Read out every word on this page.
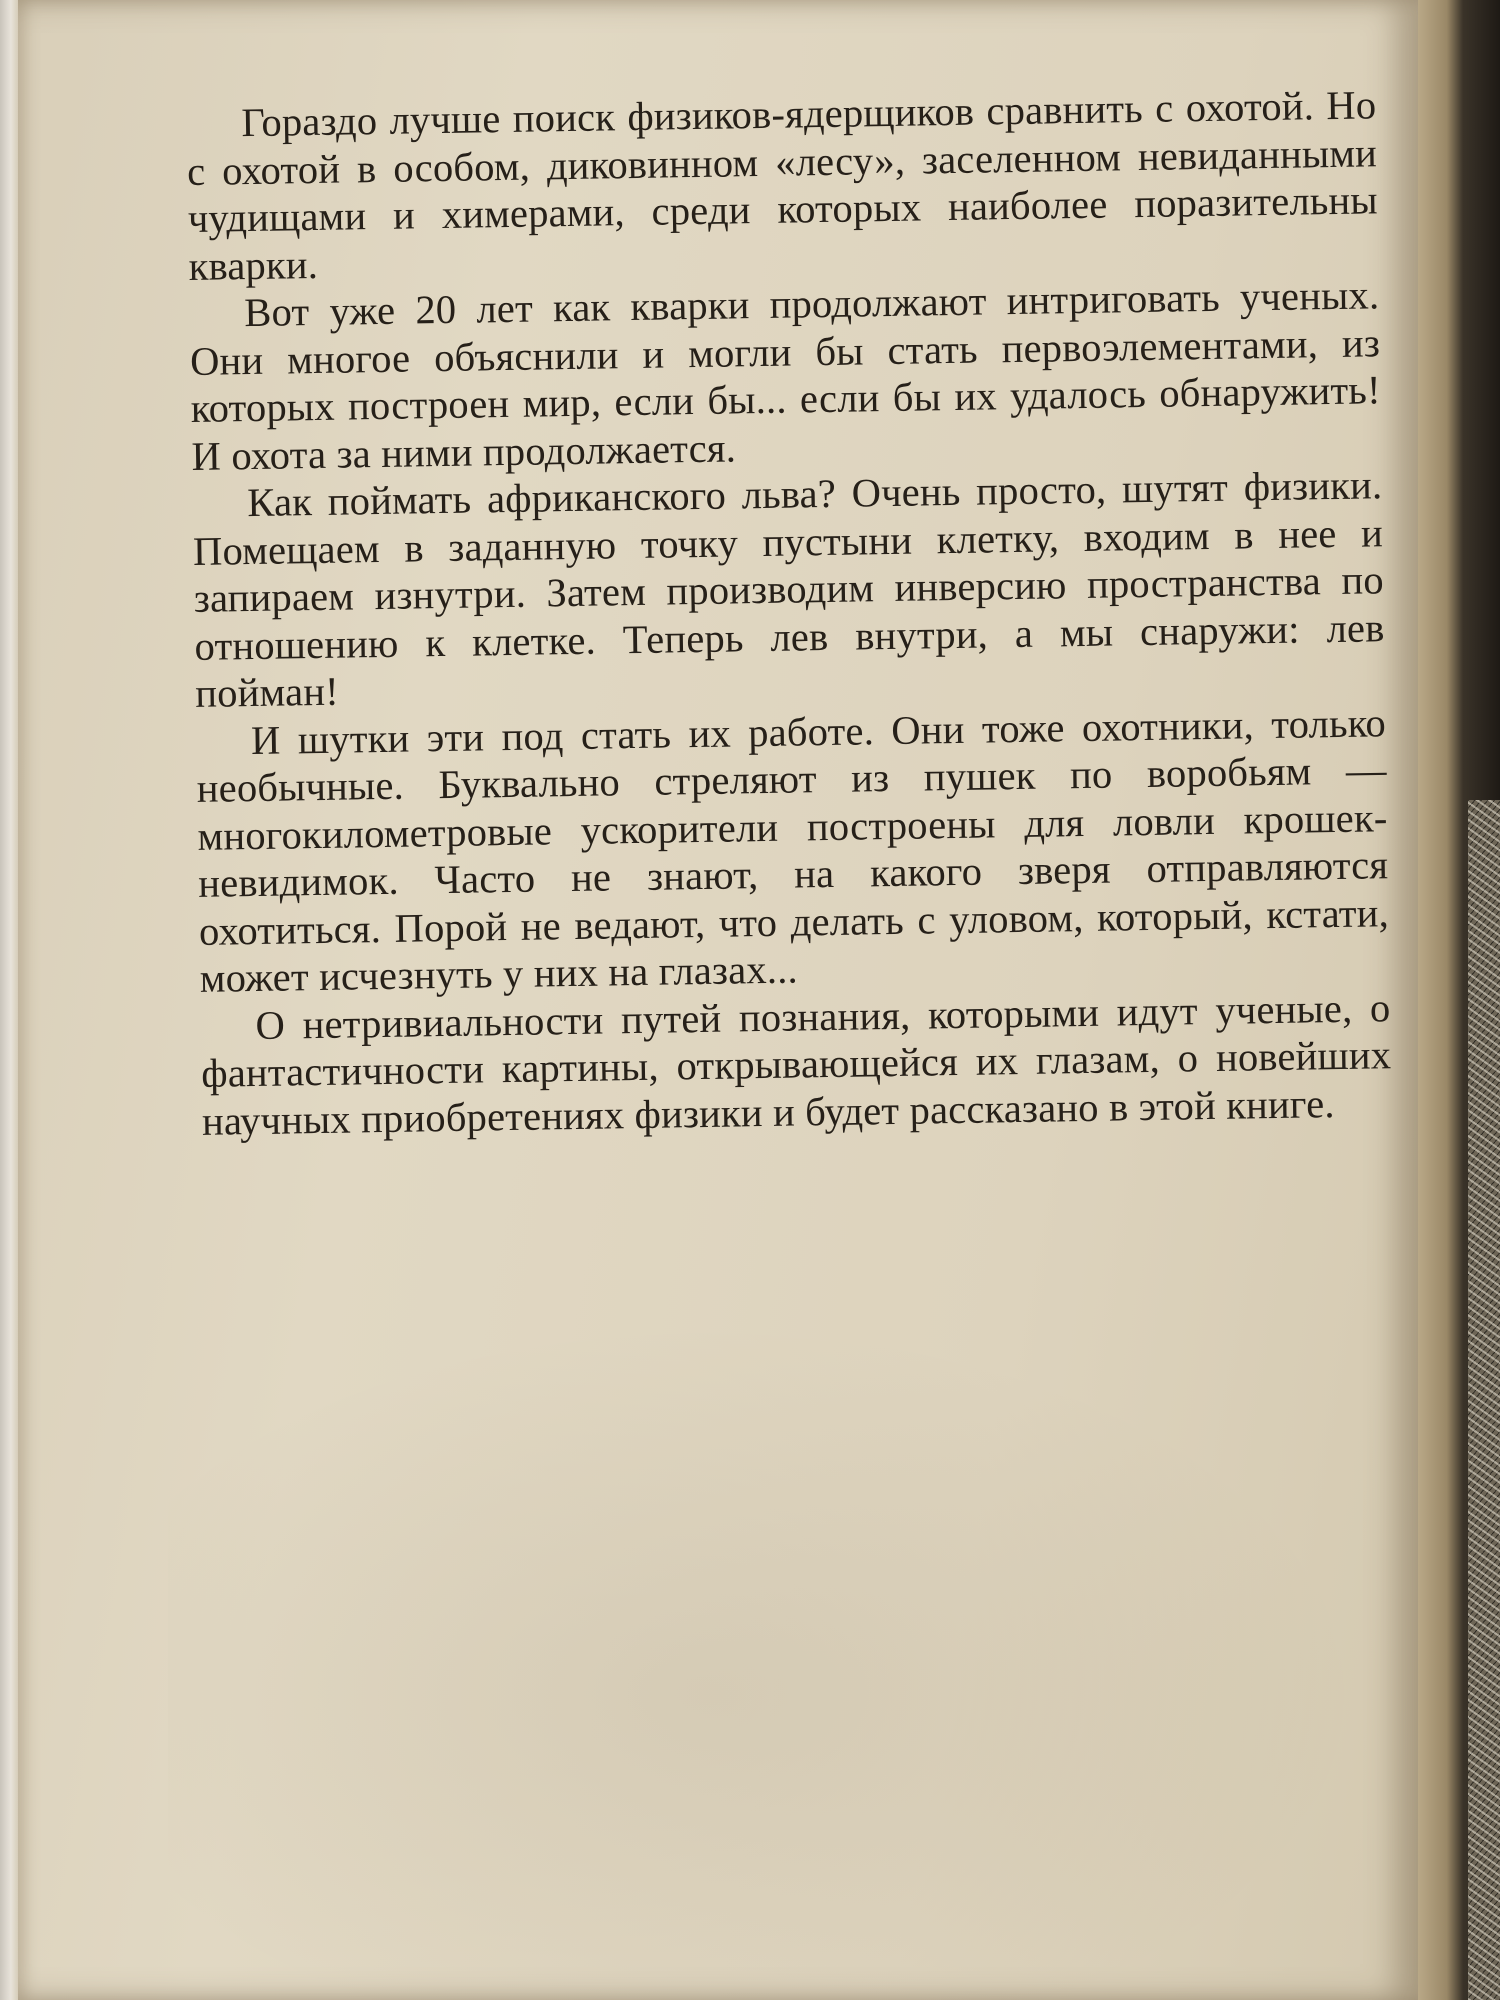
Гораздо лучше поиск физиков-ядерщиков сравнить с охотой. Но с охотой в особом, диковинном «лесу», заселенном невиданными чудищами и химерами, среди которых наиболее поразительны кварки.

Вот уже 20 лет как кварки продолжают интриговать ученых. Они многое объяснили и могли бы стать первоэлементами, из которых построен мир, если бы... если бы их удалось обнаружить! И охота за ними продолжается.

Как поймать африканского льва? Очень просто, шутят физики. Помещаем в заданную точку пустыни клетку, входим в нее и запираем изнутри. Затем производим инверсию пространства по отношению к клетке. Теперь лев внутри, а мы снаружи: лев пойман!

И шутки эти под стать их работе. Они тоже охотники, только необычные. Буквально стреляют из пушек по воробьям — многокилометровые ускорители построены для ловли крошек-невидимок. Часто не знают, на какого зверя отправляются охотиться. Порой не ведают, что делать с уловом, который, кстати, может исчезнуть у них на глазах...

О нетривиальности путей познания, которыми идут ученые, о фантастичности картины, открывающейся их глазам, о новейших научных приобретениях физики и будет рассказано в этой книге.
